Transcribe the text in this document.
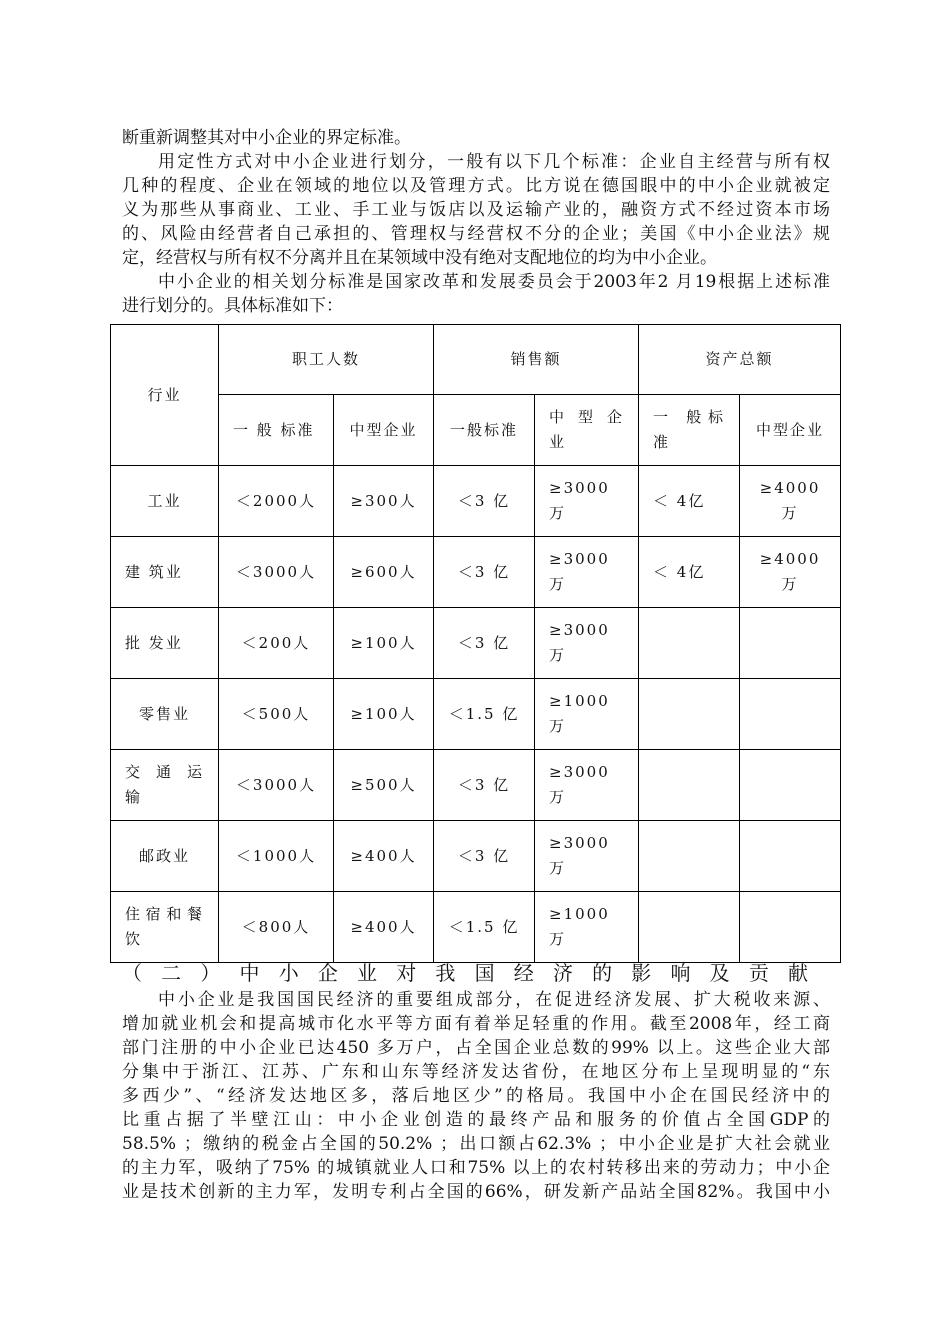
断重新调整其对中小企业的界定标准。
用定性方式对中小企业进行划分，一般有以下几个标准：企业自主经营与所有权
几种的程度、企业在领域的地位以及管理方式。比方说在德国眼中的中小企业就被定
义为那些从事商业、工业、手工业与饭店以及运输产业的，融资方式不经过资本市场
的、风险由经营者自己承担的、管理权与经营权不分的企业；美国《中小企业法》规
定，经营权与所有权不分离并且在某领域中没有绝对支配地位的均为中小企业。
中小企业的相关划分标准是国家改革和发展委员会于2003年2 月19根据上述标准
进行划分的。具体标准如下：
行业	职工人数		销售额		资产总额	
	一 般 标准	中型企业	一般标准	中 型 企业	一 般标准	中型企业
工业	＜2000人	≥300人	＜3 亿	≥3000万	＜ 4亿	≥4000 万
建 筑业	＜3000人	≥600人	＜3 亿	≥3000万	＜ 4亿	≥4000 万
批 发业	＜200人	≥100人	＜3 亿	≥3000万		
零售业	＜500人	≥100人	＜1.5 亿	≥1000万		
交 通 运输	＜3000人	≥500人	＜3 亿	≥3000万		
邮政业	＜1000人	≥400人	＜3 亿	≥3000万		
住宿和餐饮	＜800人	≥400人	＜1.5 亿	≥1000万		
（二）中小企业对我国经济的影响及贡献
中小企业是我国国民经济的重要组成部分，在促进经济发展、扩大税收来源、
增加就业机会和提高城市化水平等方面有着举足轻重的作用。截至2008年，经工商
部门注册的中小企业已达450 多万户，占全国企业总数的99% 以上。这些企业大部
分集中于浙江、江苏、广东和山东等经济发达省份，在地区分布上呈现明显的“东
多西少”、“经济发达地区多，落后地区少”的格局。我国中小企在国民经济中的
比重占据了半壁江山：中小企业创造的最终产品和服务的价值占全国GDP的
58.5% ；缴纳的税金占全国的50.2% ；出口额占62.3% ；中小企业是扩大社会就业
的主力军，吸纳了75% 的城镇就业人口和75% 以上的农村转移出来的劳动力；中小企
业是技术创新的主力军，发明专利占全国的66%，研发新产品站全国82%。我国中小
